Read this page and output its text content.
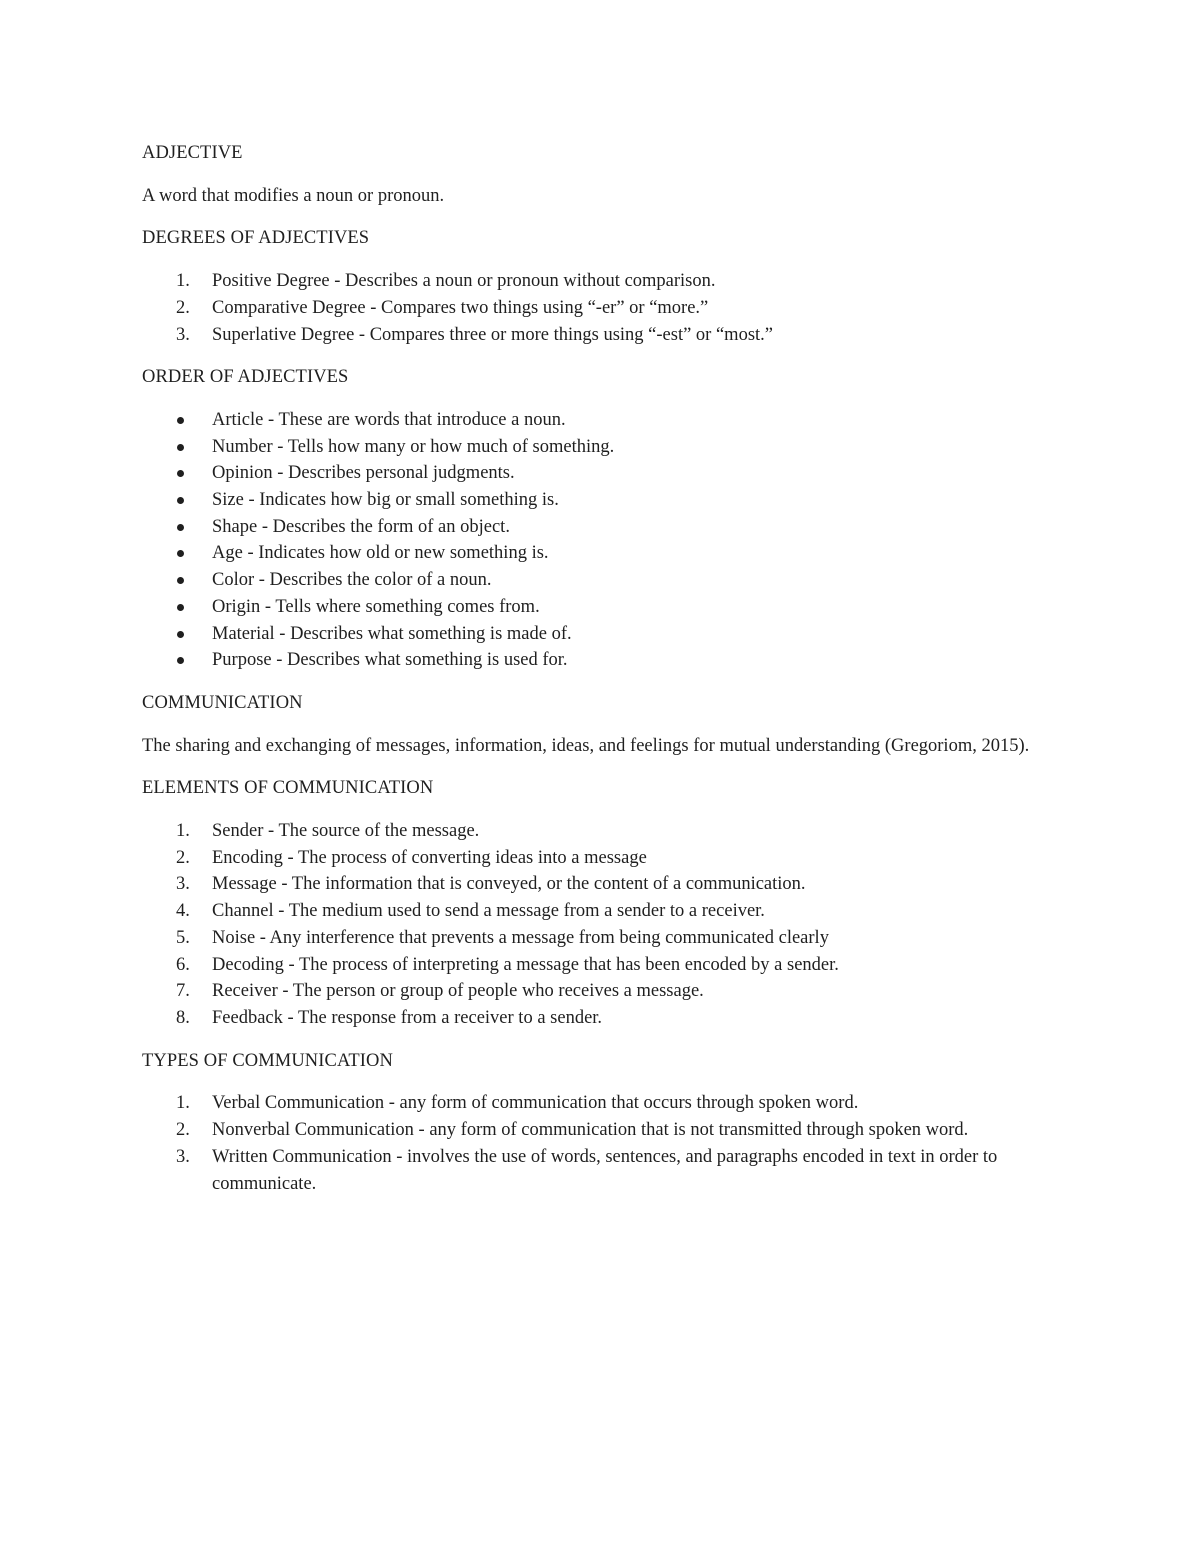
ADJECTIVE

A word that modifies a noun or pronoun.

DEGREES OF ADJECTIVES
1.	Positive Degree - Describes a noun or pronoun without comparison.
2.	Comparative Degree - Compares two things using “-er” or “more.”
3.	Superlative Degree - Compares three or more things using “-est” or “most.”
ORDER OF ADJECTIVES
Article - These are words that introduce a noun.
Number - Tells how many or how much of something.
Opinion - Describes personal judgments.
Size - Indicates how big or small something is.
Shape - Describes the form of an object.
Age - Indicates how old or new something is.
Color - Describes the color of a noun.
Origin - Tells where something comes from.
Material - Describes what something is made of.
Purpose - Describes what something is used for.
COMMUNICATION

The sharing and exchanging of messages, information, ideas, and feelings for mutual understanding (Gregoriom, 2015).

ELEMENTS OF COMMUNICATION
1.	Sender - The source of the message.
2.	Encoding - The process of converting ideas into a message
3.	Message - The information that is conveyed, or the content of a communication.
4.	Channel - The medium used to send a message from a sender to a receiver.
5.	Noise - Any interference that prevents a message from being communicated clearly
6.	Decoding - The process of interpreting a message that has been encoded by a sender.
7.	Receiver - The person or group of people who receives a message.
8.	Feedback - The response from a receiver to a sender.
TYPES OF COMMUNICATION
1.	Verbal Communication - any form of communication that occurs through spoken word.
2.	Nonverbal Communication - any form of communication that is not transmitted through spoken word.
3.	Written Communication - involves the use of words, sentences, and paragraphs encoded in text in order to communicate.
